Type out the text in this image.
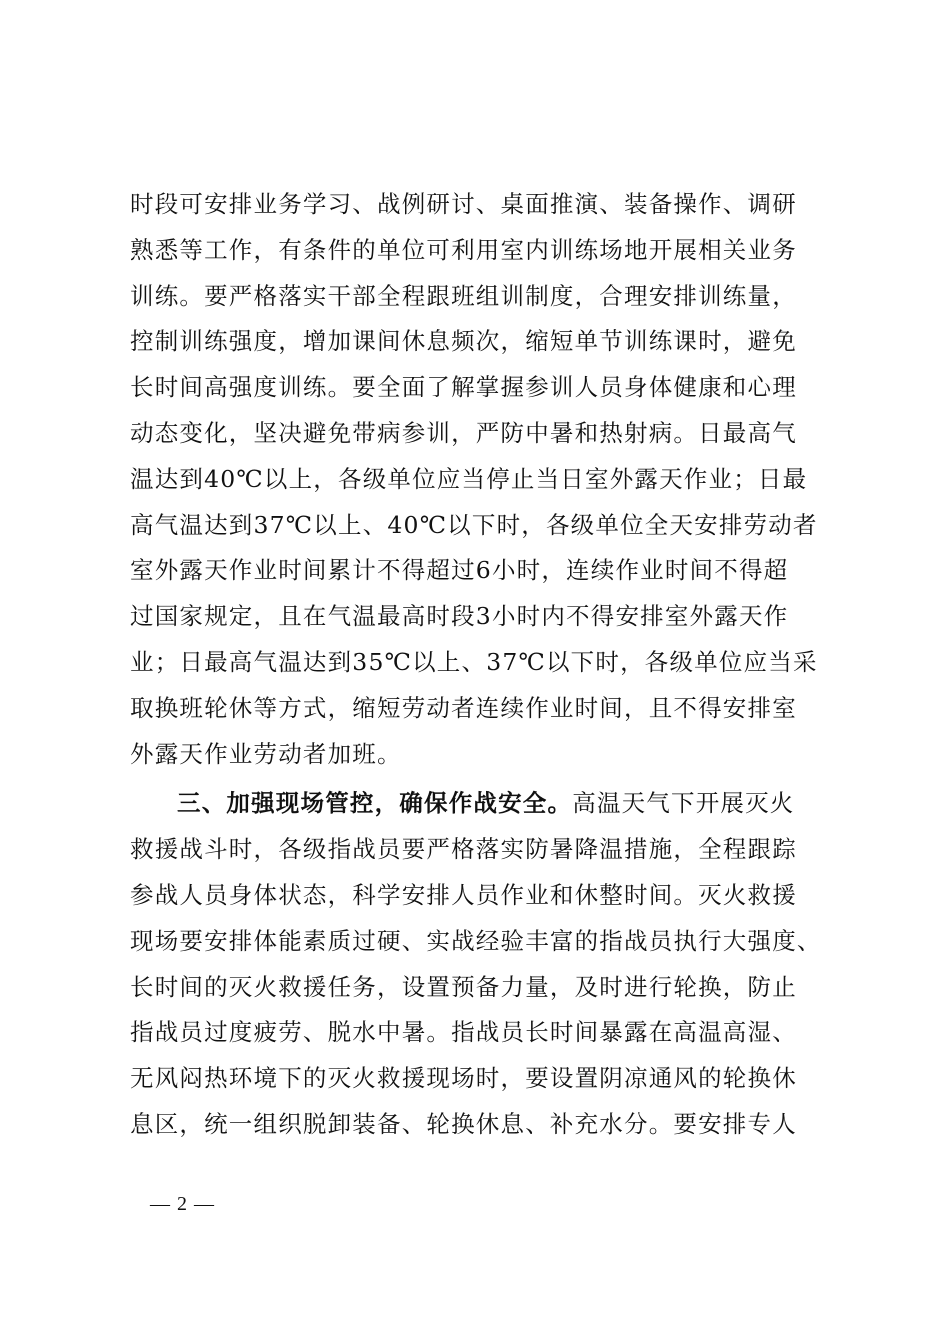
时段可安排业务学习、战例研讨、桌面推演、装备操作、调研
熟悉等工作，有条件的单位可利用室内训练场地开展相关业务
训练。要严格落实干部全程跟班组训制度，合理安排训练量，
控制训练强度，增加课间休息频次，缩短单节训练课时，避免
长时间高强度训练。要全面了解掌握参训人员身体健康和心理
动态变化，坚决避免带病参训，严防中暑和热射病。日最高气
温达到40℃以上，各级单位应当停止当日室外露天作业；日最
高气温达到37℃以上、40℃以下时，各级单位全天安排劳动者
室外露天作业时间累计不得超过6小时，连续作业时间不得超
过国家规定，且在气温最高时段3小时内不得安排室外露天作
业；日最高气温达到35℃以上、37℃以下时，各级单位应当采
取换班轮休等方式，缩短劳动者连续作业时间，且不得安排室
外露天作业劳动者加班。
三、加强现场管控，确保作战安全。高温天气下开展灭火
救援战斗时，各级指战员要严格落实防暑降温措施，全程跟踪
参战人员身体状态，科学安排人员作业和休整时间。灭火救援
现场要安排体能素质过硬、实战经验丰富的指战员执行大强度、
长时间的灭火救援任务，设置预备力量，及时进行轮换，防止
指战员过度疲劳、脱水中暑。指战员长时间暴露在高温高湿、
无风闷热环境下的灭火救援现场时，要设置阴凉通风的轮换休
息区，统一组织脱卸装备、轮换休息、补充水分。要安排专人
— 2 —
